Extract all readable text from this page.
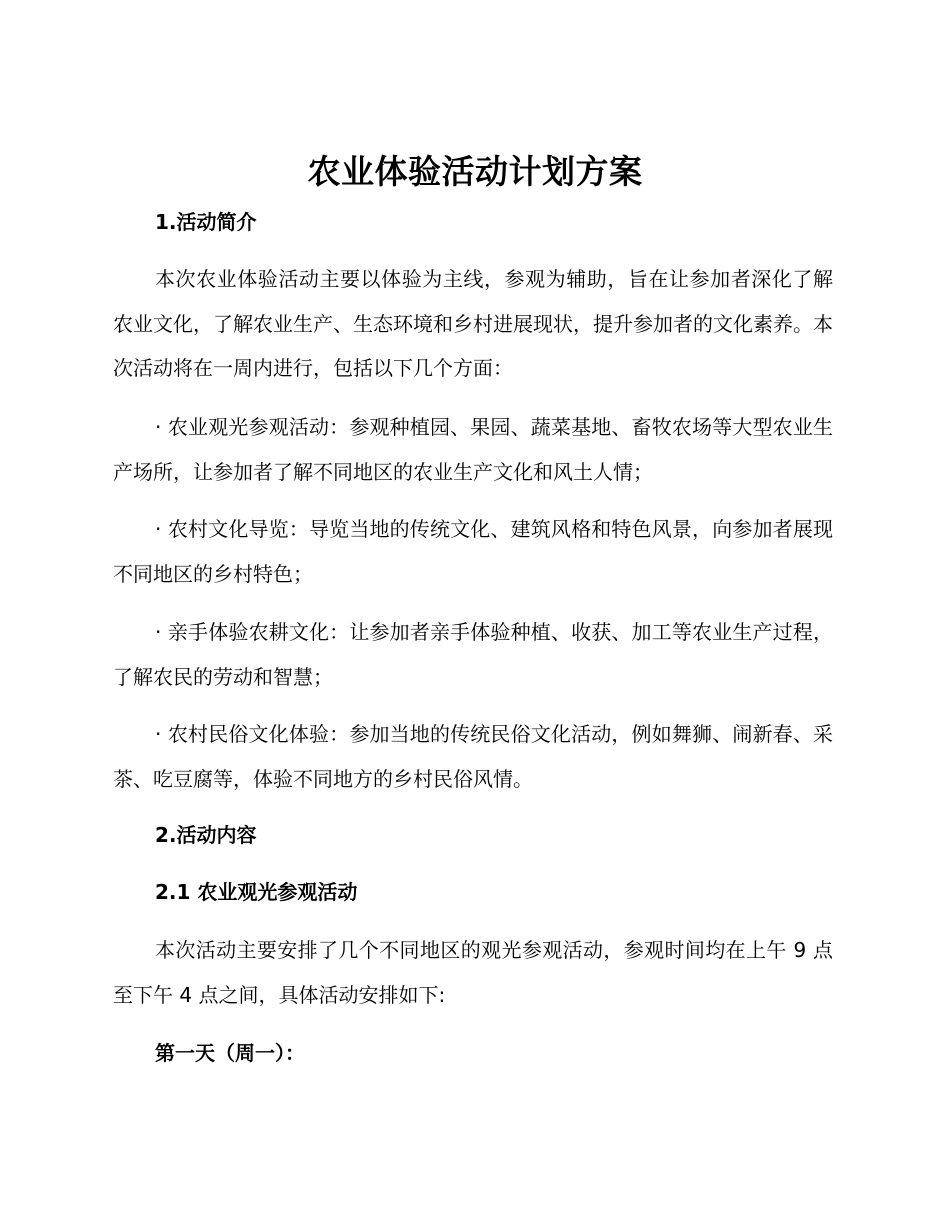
农业体验活动计划方案
1.活动简介
本次农业体验活动主要以体验为主线，参观为辅助，旨在让参加者深化了解农业文化，了解农业生产、生态环境和乡村进展现状，提升参加者的文化素养。本次活动将在一周内进行，包括以下几个方面：
· 农业观光参观活动：参观种植园、果园、蔬菜基地、畜牧农场等大型农业生产场所，让参加者了解不同地区的农业生产文化和风土人情；
· 农村文化导览：导览当地的传统文化、建筑风格和特色风景，向参加者展现不同地区的乡村特色；
· 亲手体验农耕文化：让参加者亲手体验种植、收获、加工等农业生产过程，了解农民的劳动和智慧；
· 农村民俗文化体验：参加当地的传统民俗文化活动，例如舞狮、闹新春、采茶、吃豆腐等，体验不同地方的乡村民俗风情。
2.活动内容
2.1 农业观光参观活动
本次活动主要安排了几个不同地区的观光参观活动，参观时间均在上午 9 点至下午 4 点之间，具体活动安排如下:
第一天（周一）：
